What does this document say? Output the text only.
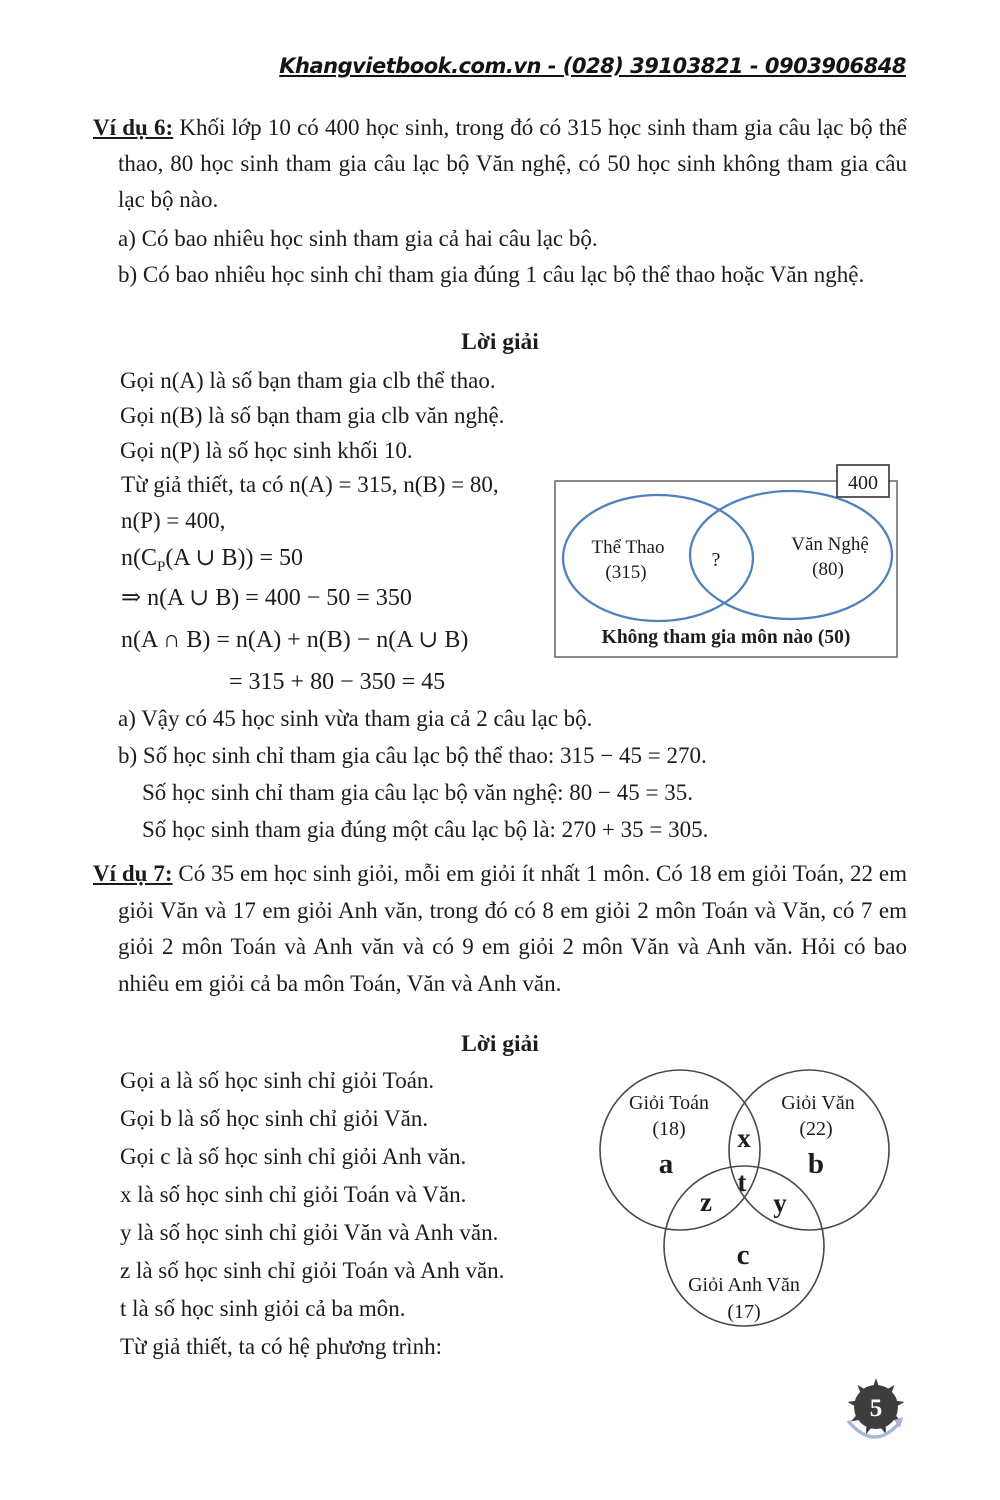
Khangvietbook.com.vn - (028) 39103821 - 0903906848
Ví dụ 6: Khối lớp 10 có 400 học sinh, trong đó có 315 học sinh tham gia câu lạc bộ thể thao, 80 học sinh tham gia câu lạc bộ Văn nghệ, có 50 học sinh không tham gia câu lạc bộ nào.
a) Có bao nhiêu học sinh tham gia cả hai câu lạc bộ.
b) Có bao nhiêu học sinh chỉ tham gia đúng 1 câu lạc bộ thể thao hoặc Văn nghệ.
Lời giải
Gọi n(A) là số bạn tham gia clb thể thao.
Gọi n(B) là số bạn tham gia clb văn nghệ.
Gọi n(P) là số học sinh khối 10.
Từ giả thiết, ta có n(A) = 315, n(B) = 80,
n(P) = 400,
$n(C_P(A$ ∪ B)) = 50
⇒ n(A ∪ B) = 400 − 50 = 350
n(A ∩ B) = n(A) + n(B) − n(A ∪ B)
= 315 + 80 − 350 = 45
400
Thể Thao
(315)
?
Văn Nghệ
(80)
Không tham gia môn nào (50)
a) Vậy có 45 học sinh vừa tham gia cả 2 câu lạc bộ.
b) Số học sinh chỉ tham gia câu lạc bộ thể thao: 315 − 45 = 270.
Số học sinh chỉ tham gia câu lạc bộ văn nghệ: 80 − 45 = 35.
Số học sinh tham gia đúng một câu lạc bộ là: 270 + 35 = 305.
Ví dụ 7: Có 35 em học sinh giỏi, mỗi em giỏi ít nhất 1 môn. Có 18 em giỏi Toán, 22 em giỏi Văn và 17 em giỏi Anh văn, trong đó có 8 em giỏi 2 môn Toán và Văn, có 7 em giỏi 2 môn Toán và Anh văn và có 9 em giỏi 2 môn Văn và Anh văn. Hỏi có bao nhiêu em giỏi cả ba môn Toán, Văn và Anh văn.
Lời giải
Gọi a là số học sinh chỉ giỏi Toán.
Gọi b là số học sinh chỉ giỏi Văn.
Gọi c là số học sinh chỉ giỏi Anh văn.
x là số học sinh chỉ giỏi Toán và Văn.
y là số học sinh chỉ giỏi Văn và Anh văn.
z là số học sinh chỉ giỏi Toán và Anh văn.
t là số học sinh giỏi cả ba môn.
Từ giả thiết, ta có hệ phương trình:
Giỏi Toán
(18)
a
x
Giỏi Văn
(22)
b
t
z y
c
Giỏi Anh Văn
(17)
5
